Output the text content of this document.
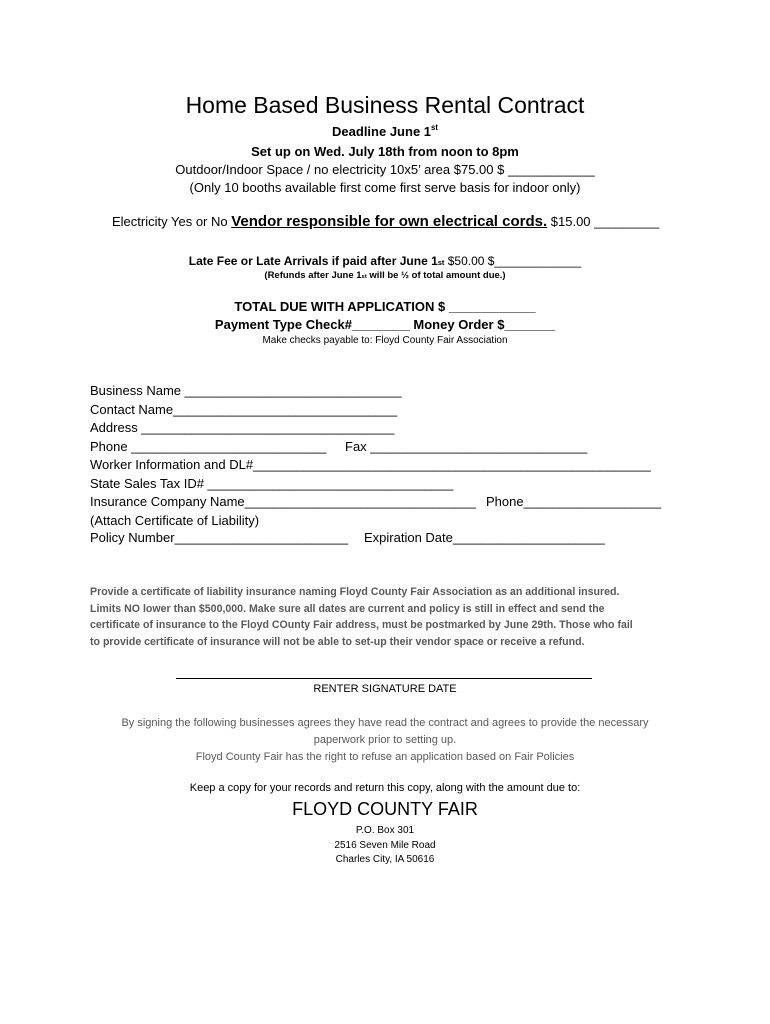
Home Based Business Rental Contract
Deadline June 1st
Set up on Wed. July 18th from noon to 8pm
Outdoor/Indoor Space / no electricity 10x5’ area $75.00 $ ____________
(Only 10 booths available first come first serve basis for indoor only)
Electricity Yes or No Vendor responsible for own electrical cords. $15.00 _________
Late Fee or Late Arrivals if paid after June 1st $50.00 $_____________
(Refunds after June 1st will be ½ of total amount due.)
TOTAL DUE WITH APPLICATION $ ____________
Payment Type Check#________ Money Order $_______
Make checks payable to: Floyd County Fair Association
Business Name ______________________________
Contact Name_______________________________
Address ___________________________________
Phone ___________________________ Fax ______________________________
Worker Information and DL#_______________________________________________________
State Sales Tax ID# __________________________________
Insurance Company Name________________________________ Phone___________________
(Attach Certificate of Liability)
Policy Number________________________ Expiration Date_____________________
Provide a certificate of liability insurance naming Floyd County Fair Association as an additional insured.
Limits NO lower than $500,000. Make sure all dates are current and policy is still in effect and send the
certificate of insurance to the Floyd COunty Fair address, must be postmarked by June 29th. Those who fail
to provide certificate of insurance will not be able to set-up their vendor space or receive a refund.
RENTER SIGNATURE DATE
By signing the following businesses agrees they have read the contract and agrees to provide the necessary
paperwork prior to setting up.
Floyd County Fair has the right to refuse an application based on Fair Policies
Keep a copy for your records and return this copy, along with the amount due to:
FLOYD COUNTY FAIR
P.O. Box 301
2516 Seven Mile Road
Charles City, IA 50616
